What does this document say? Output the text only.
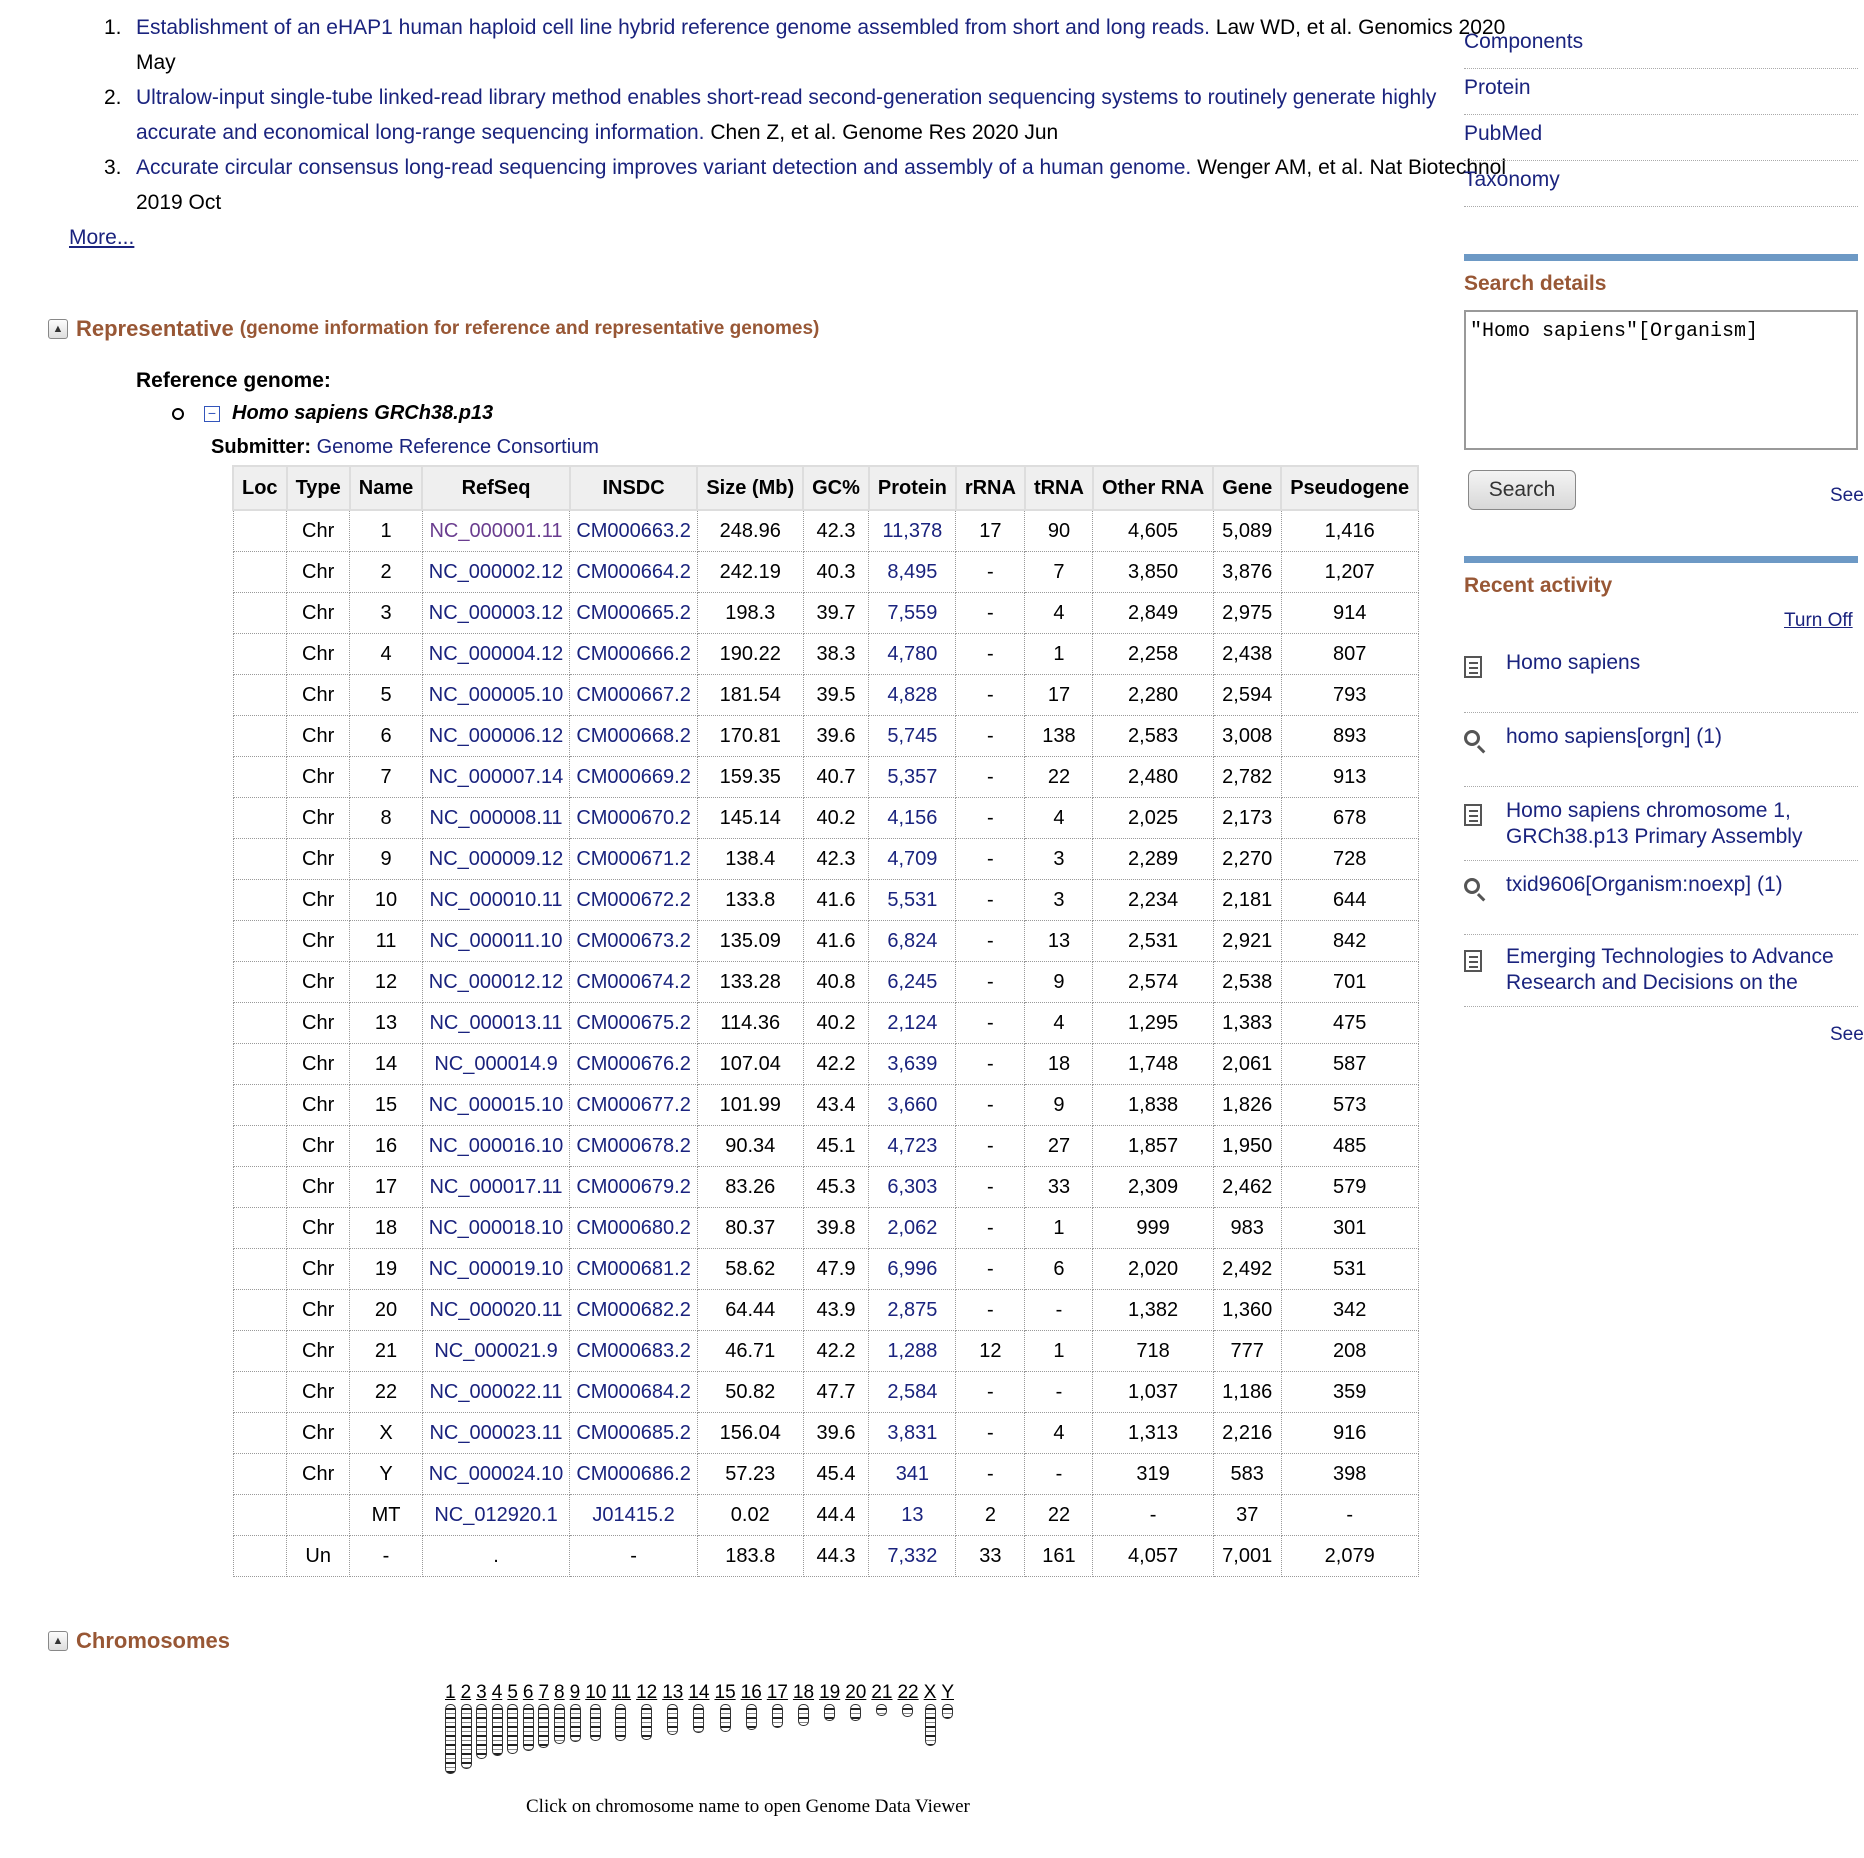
1. Establishment of an eHAP1 human haploid cell line hybrid reference genome assembled from short and long reads. Law WD, et al. Genomics 2020 May
2. Ultralow-input single-tube linked-read library method enables short-read second-generation sequencing systems to routinely generate highly accurate and economical long-range sequencing information. Chen Z, et al. Genome Res 2020 Jun
3. Accurate circular consensus long-read sequencing improves variant detection and assembly of a human genome. Wenger AM, et al. Nat Biotechnol 2019 Oct
More...
▲ Representative (genome information for reference and representative genomes)
Reference genome:
− Homo sapiens GRCh38.p13
Submitter: Genome Reference Consortium
Loc	Type	Name	RefSeq	INSDC	Size (Mb)	GC%	Protein	rRNA	tRNA	Other RNA	Gene	Pseudogene
	Chr	1	NC_000001.11	CM000663.2	248.96	42.3	11,378	17	90	4,605	5,089	1,416
	Chr	2	NC_000002.12	CM000664.2	242.19	40.3	8,495	-	7	3,850	3,876	1,207
	Chr	3	NC_000003.12	CM000665.2	198.3	39.7	7,559	-	4	2,849	2,975	914
	Chr	4	NC_000004.12	CM000666.2	190.22	38.3	4,780	-	1	2,258	2,438	807
	Chr	5	NC_000005.10	CM000667.2	181.54	39.5	4,828	-	17	2,280	2,594	793
	Chr	6	NC_000006.12	CM000668.2	170.81	39.6	5,745	-	138	2,583	3,008	893
	Chr	7	NC_000007.14	CM000669.2	159.35	40.7	5,357	-	22	2,480	2,782	913
	Chr	8	NC_000008.11	CM000670.2	145.14	40.2	4,156	-	4	2,025	2,173	678
	Chr	9	NC_000009.12	CM000671.2	138.4	42.3	4,709	-	3	2,289	2,270	728
	Chr	10	NC_000010.11	CM000672.2	133.8	41.6	5,531	-	3	2,234	2,181	644
	Chr	11	NC_000011.10	CM000673.2	135.09	41.6	6,824	-	13	2,531	2,921	842
	Chr	12	NC_000012.12	CM000674.2	133.28	40.8	6,245	-	9	2,574	2,538	701
	Chr	13	NC_000013.11	CM000675.2	114.36	40.2	2,124	-	4	1,295	1,383	475
	Chr	14	NC_000014.9	CM000676.2	107.04	42.2	3,639	-	18	1,748	2,061	587
	Chr	15	NC_000015.10	CM000677.2	101.99	43.4	3,660	-	9	1,838	1,826	573
	Chr	16	NC_000016.10	CM000678.2	90.34	45.1	4,723	-	27	1,857	1,950	485
	Chr	17	NC_000017.11	CM000679.2	83.26	45.3	6,303	-	33	2,309	2,462	579
	Chr	18	NC_000018.10	CM000680.2	80.37	39.8	2,062	-	1	999	983	301
	Chr	19	NC_000019.10	CM000681.2	58.62	47.9	6,996	-	6	2,020	2,492	531
	Chr	20	NC_000020.11	CM000682.2	64.44	43.9	2,875	-	-	1,382	1,360	342
	Chr	21	NC_000021.9	CM000683.2	46.71	42.2	1,288	12	1	718	777	208
	Chr	22	NC_000022.11	CM000684.2	50.82	47.7	2,584	-	-	1,037	1,186	359
	Chr	X	NC_000023.11	CM000685.2	156.04	39.6	3,831	-	4	1,313	2,216	916
	Chr	Y	NC_000024.10	CM000686.2	57.23	45.4	341	-	-	319	583	398
		MT	NC_012920.1	J01415.2	0.02	44.4	13	2	22	-	37	-
	Un	-	.	-	183.8	44.3	7,332	33	161	4,057	7,001	2,079
▲ Chromosomes
1 2 3 4 5 6 7 8 9 10 11 12 13 14 15 16 17 18 19 20 21 22 X Y
Click on chromosome name to open Genome Data Viewer
Components
Protein
PubMed
Taxonomy
Search details
"Homo sapiens"[Organism]
Search	See
Recent activity
Turn Off
Homo sapiens
homo sapiens[orgn] (1)
Homo sapiens chromosome 1, GRCh38.p13 Primary Assembly
txid9606[Organism:noexp] (1)
Emerging Technologies to Advance Research and Decisions on the
See
